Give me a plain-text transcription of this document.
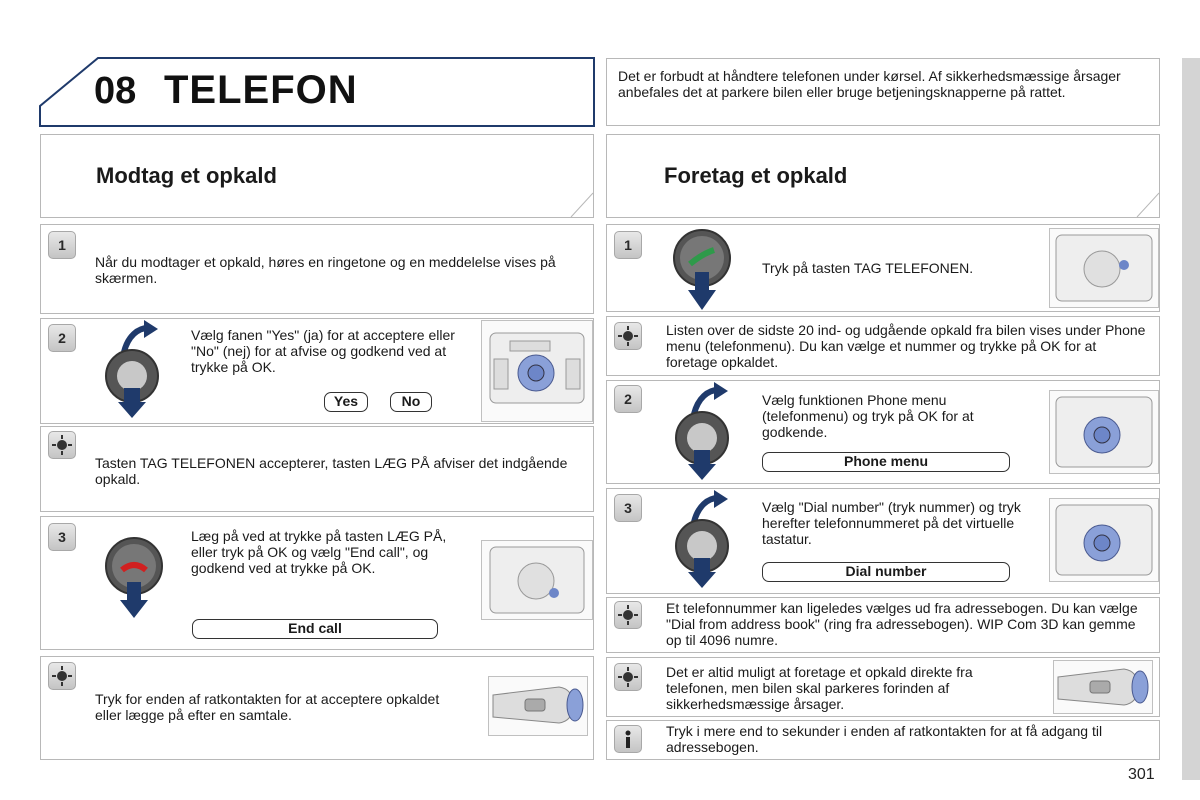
08 TELEFON	Det er forbudt at håndtere telefonen under kørsel. Af sikkerhedsmæssige årsager anbefales det at parkere bilen eller bruge betjeningsknapperne på rattet.
Modtag et opkald	Foretag et opkald
1
Når du modtager et opkald, høres en ringetone og en meddelelse vises på skærmen.
2	Vælg fanen "Yes" (ja) for at acceptere eller "No" (nej) for at afvise og godkend ved at trykke på OK.
Yes	No
Tasten TAG TELEFONEN accepterer, tasten LÆG PÅ afviser det indgående opkald.
3	Læg på ved at trykke på tasten LÆG PÅ, eller tryk på OK og vælg "End call", og godkend ved at trykke på OK.
End call
Tryk for enden af ratkontakten for at acceptere opkaldet eller lægge på efter en samtale.
1
Tryk på tasten TAG TELEFONEN.
Listen over de sidste 20 ind- og udgående opkald fra bilen vises under Phone menu (telefonmenu). Du kan vælge et nummer og trykke på OK for at foretage opkaldet.
2	Vælg funktionen Phone menu (telefonmenu) og tryk på OK for at godkende.
Phone menu
3	Vælg "Dial number" (tryk nummer) og tryk herefter telefonnummeret på det virtuelle tastatur.
Dial number
Et telefonnummer kan ligeledes vælges ud fra adressebogen. Du kan vælge "Dial from address book" (ring fra adressebogen). WIP Com 3D kan gemme op til 4096 numre.
Det er altid muligt at foretage et opkald direkte fra telefonen, men bilen skal parkeres forinden af sikkerhedsmæssige årsager.
Tryk i mere end to sekunder i enden af ratkontakten for at få adgang til adressebogen.
301
